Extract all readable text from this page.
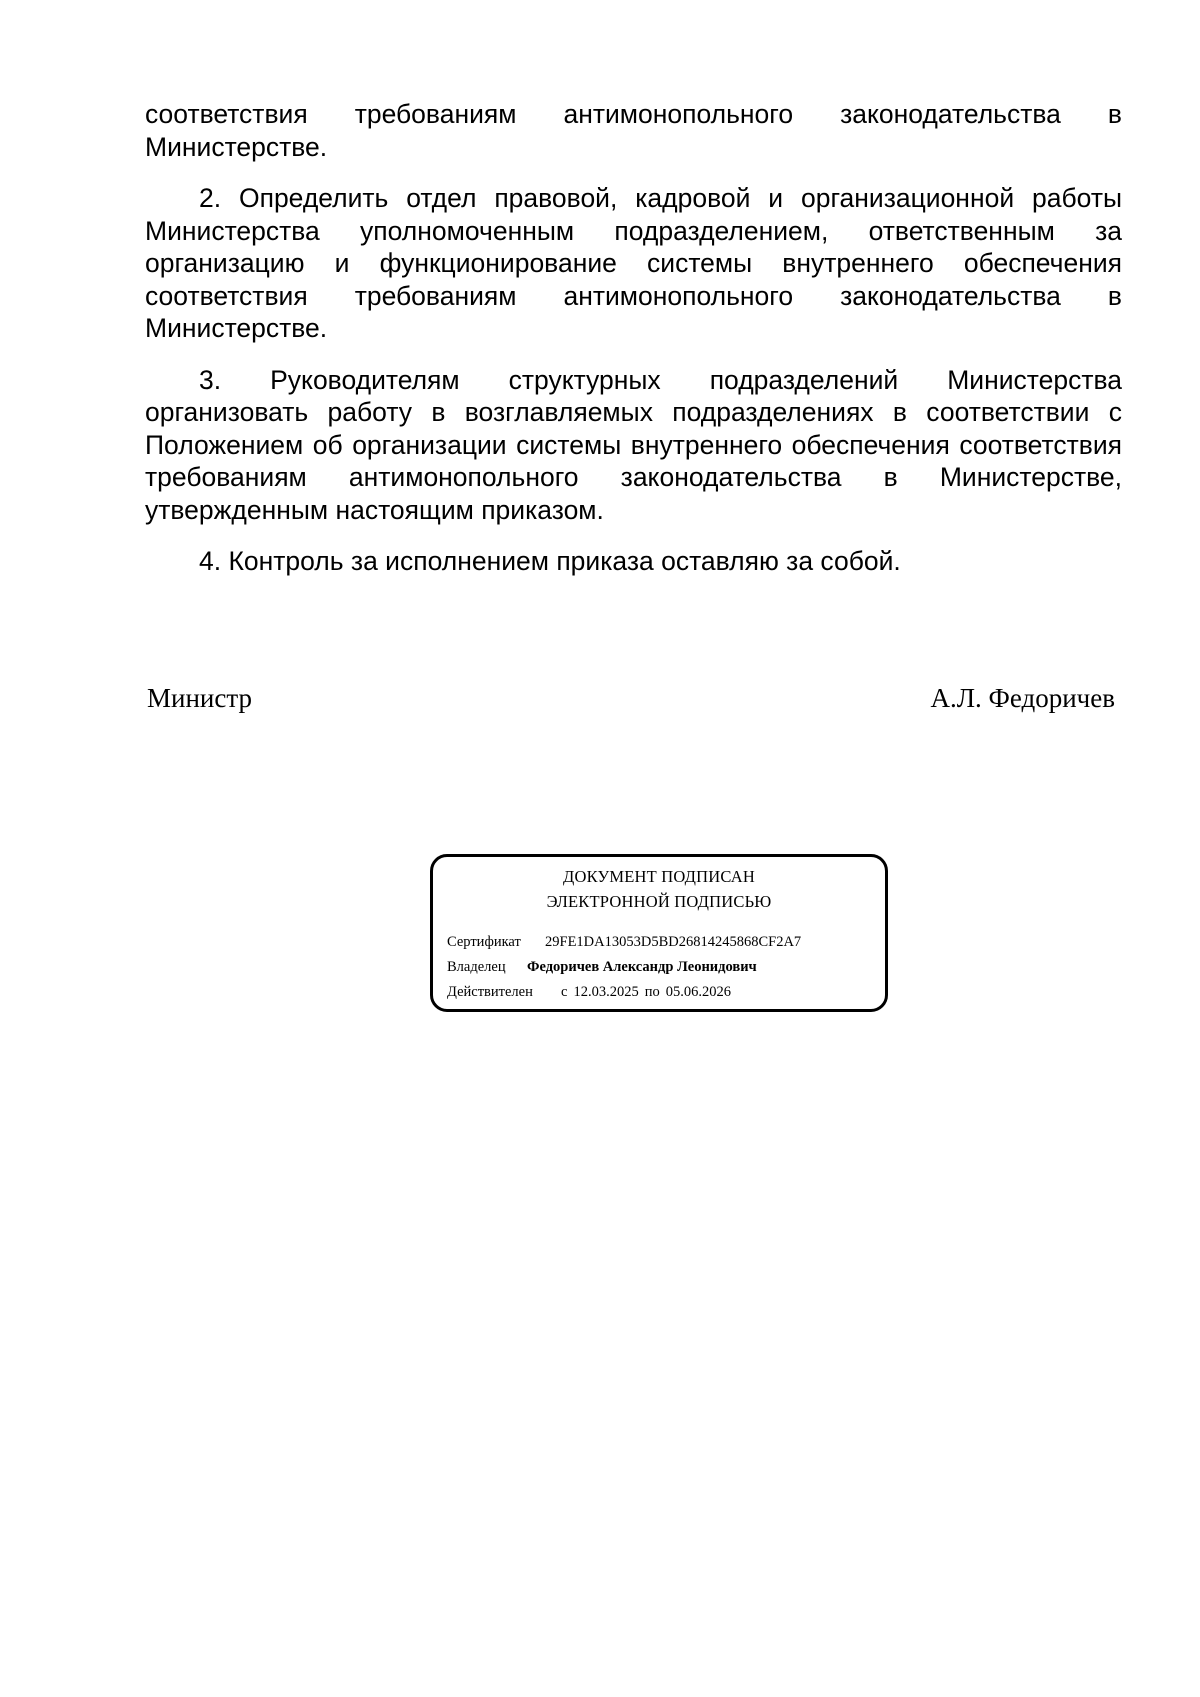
соответствия требованиям антимонопольного законодательства в Министерстве.

2. Определить отдел правовой, кадровой и организационной работы Министерства уполномоченным подразделением, ответственным за организацию и функционирование системы внутреннего обеспечения соответствия требованиям антимонопольного законодательства в Министерстве.

3. Руководителям структурных подразделений Министерства организовать работу в возглавляемых подразделениях в соответствии с Положением об организации системы внутреннего обеспечения соответствия требованиям антимонопольного законодательства в Министерстве, утвержденным настоящим приказом.

4. Контроль за исполнением приказа оставляю за собой.

Министр	А.Л. Федоричев
ДОКУМЕНТ ПОДПИСАН
ЭЛЕКТРОННОЙ ПОДПИСЬЮ
Сертификат 29FE1DA13053D5BD26814245868CF2A7
Владелец Федоричев Александр Леонидович
Действителен с 12.03.2025 по 05.06.2026
